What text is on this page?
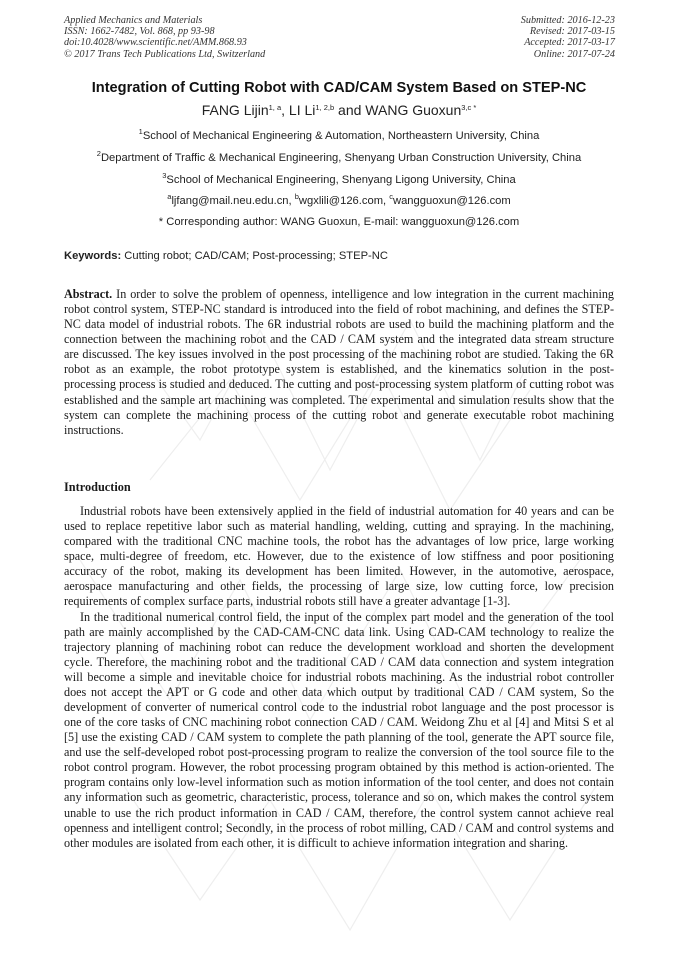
Applied Mechanics and Materials
ISSN: 1662-7482, Vol. 868, pp 93-98
doi:10.4028/www.scientific.net/AMM.868.93
© 2017 Trans Tech Publications Ltd, Switzerland
Submitted: 2016-12-23
Revised: 2017-03-15
Accepted: 2017-03-17
Online: 2017-07-24
Integration of Cutting Robot with CAD/CAM System Based on STEP-NC
FANG Lijin$^{1, a}$, LI Li$^{1, 2,b}$ and WANG Guoxun$^{3,c *}$
$^1$School of Mechanical Engineering & Automation, Northeastern University, China
$^2$Department of Traffic & Mechanical Engineering, Shenyang Urban Construction University, China
$^3$School of Mechanical Engineering, Shenyang Ligong University, China
$^a$ljfang@mail.neu.edu.cn, $^b$wgxlili@126.com, $^c$wangguoxun@126.com
* Corresponding author: WANG Guoxun, E-mail: wangguoxun@126.com
Keywords: Cutting robot; CAD/CAM; Post-processing; STEP-NC
Abstract. In order to solve the problem of openness, intelligence and low integration in the current machining robot control system, STEP-NC standard is introduced into the field of robot machining, and defines the STEP-NC data model of industrial robots. The 6R industrial robots are used to build the machining platform and the connection between the machining robot and the CAD / CAM system and the integrated data stream structure are discussed. The key issues involved in the post processing of the machining robot are studied. Taking the 6R robot as an example, the robot prototype system is established, and the kinematics solution in the post-processing process is studied and deduced. The cutting and post-processing system platform of cutting robot was established and the sample art machining was completed. The experimental and simulation results show that the system can complete the machining process of the cutting robot and generate executable robot machining instructions.
Introduction

Industrial robots have been extensively applied in the field of industrial automation for 40 years and can be used to replace repetitive labor such as material handling, welding, cutting and spraying. In the machining, compared with the traditional CNC machine tools, the robot has the advantages of low price, large working space, multi-degree of freedom, etc. However, due to the existence of low stiffness and poor positioning accuracy of the robot, making its development has been limited. However, in the automotive, aerospace, aerospace manufacturing and other fields, the processing of large size, low cutting force, low precision requirements of complex surface parts, industrial robots still have a greater advantage [1-3].

In the traditional numerical control field, the input of the complex part model and the generation of the tool path are mainly accomplished by the CAD-CAM-CNC data link. Using CAD-CAM technology to realize the trajectory planning of machining robot can reduce the development workload and shorten the development cycle. Therefore, the machining robot and the traditional CAD / CAM data connection and system integration will become a simple and inevitable choice for industrial robots machining. As the industrial robot controller does not accept the APT or G code and other data which output by traditional CAD / CAM system, So the development of converter of numerical control code to the industrial robot language and the post processor is one of the core tasks of CNC machining robot connection CAD / CAM. Weidong Zhu et al [4] and Mitsi S et al [5] use the existing CAD / CAM system to complete the path planning of the tool, generate the APT source file, and use the self-developed robot post-processing program to realize the conversion of the tool source file to the robot control program. However, the robot processing program obtained by this method is action-oriented. The program contains only low-level information such as motion information of the tool center, and does not contain any information such as geometric, characteristic, process, tolerance and so on, which makes the control system unable to use the rich product information in CAD / CAM, therefore, the control system cannot achieve real openness and intelligent control; Secondly, in the process of robot milling, CAD / CAM and control systems and other modules are isolated from each other, it is difficult to achieve information integration and sharing.
